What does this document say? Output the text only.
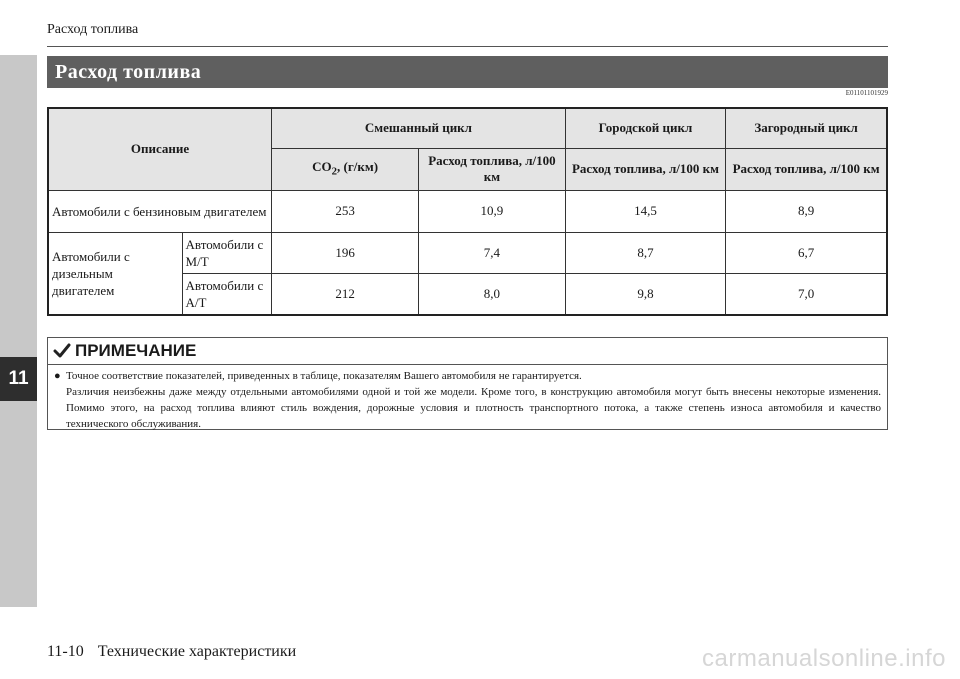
11
Расход топлива
Расход топлива
E01101101929
Описание		Смешанный цикл		Городской цикл	Загородный цикл
		$CO_2$, (г/км)	Расход топлива, л/100 км	Расход топлива, л/100 км	Расход топлива, л/100 км
Автомобили с бензиновым двигателем		253	10,9	14,5	8,9
Автомобили с дизельным двигателем	Автомобили с M/T	196	7,4	8,7	6,7
	Автомобили с A/T	212	8,0	9,8	7,0
ПРИМЕЧАНИЕ
● Точное соответствие показателей, приведенных в таблице, показателям Вашего автомобиля не гарантируется.
Различия неизбежны даже между отдельными автомобилями одной и той же модели. Кроме того, в конструкцию автомобиля могут быть внесены некоторые изменения. Помимо этого, на расход топлива влияют стиль вождения, дорожные условия и плотность транспортного потока, а также степень износа автомобиля и качество технического обслуживания.
11-10 Технические характеристики	carmanualsonline.info
